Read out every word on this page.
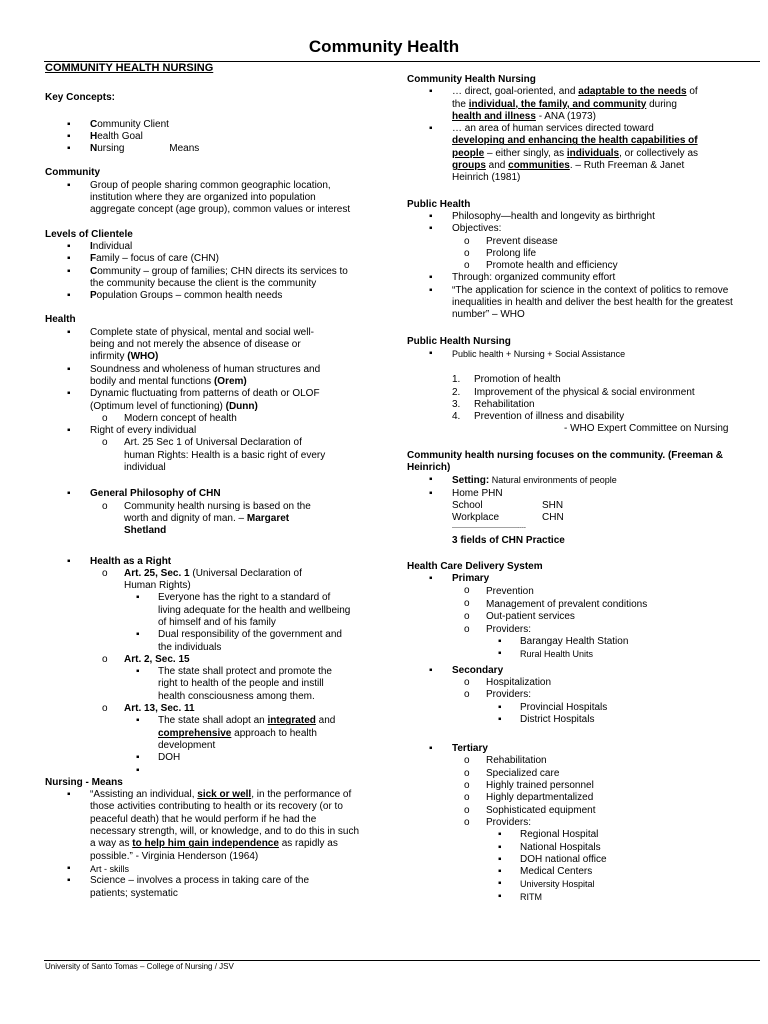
Community Health

COMMUNITY HEALTH NURSING

Key Concepts:

▪ Community Client
▪ Health Goal
▪ Nursing	Means

Community

▪ Group of people sharing common geographic location, institution where they are organized into population aggregate concept (age group), common values or interest

Levels of Clientele

▪ Individual
▪ Family – focus of care (CHN)
▪ Community – group of families; CHN directs its services to the community because the client is the community
▪ Population Groups – common health needs

Health

▪ Complete state of physical, mental and social well- being and not merely the absence of disease or infirmity (WHO)
▪ Soundness and wholeness of human structures and bodily and mental functions (Orem)
▪ Dynamic fluctuating from patterns of death or OLOF (Optimum level of functioning) (Dunn)
o Modern concept of health
▪ Right of every individual
o Art. 25 Sec 1 of Universal Declaration of human Rights: Health is a basic right of every individual
▪ General Philosophy of CHN
o Community health nursing is based on the worth and dignity of man. – Margaret Shetland
▪ Health as a Right
o Art. 25, Sec. 1 (Universal Declaration of Human Rights)
▪ Everyone has the right to a standard of living adequate for the health and wellbeing of himself and of his family
▪ Dual responsibility of the government and the individuals
o Art. 2, Sec. 15
▪ The state shall protect and promote the right to health of the people and instill health consciousness among them.
o Art. 13, Sec. 11
▪ The state shall adopt an integrated and comprehensive approach to health development
▪ DOH
▪

Nursing - Means

▪ “Assisting an individual, sick or well, in the performance of those activities contributing to health or its recovery (or to peaceful death) that he would perform if he had the necessary strength, will, or knowledge, and to do this in such a way as to help him gain independence as rapidly as possible.” - Virginia Henderson (1964)
▪ Art - skills
▪ Science – involves a process in taking care of the patients; systematic

Community Health Nursing

▪ … direct, goal-oriented, and adaptable to the needs of the individual, the family, and community during health and illness - ANA (1973)
▪ … an area of human services directed toward developing and enhancing the health capabilities of people – either singly, as individuals, or collectively as groups and communities. – Ruth Freeman & Janet Heinrich (1981)

Public Health

▪ Philosophy—health and longevity as birthright
▪ Objectives:
o Prevent disease
o Prolong life
o Promote health and efficiency
▪ Through: organized community effort
▪ “The application for science in the context of politics to remove inequalities in health and deliver the best health for the greatest number” – WHO

Public Health Nursing

▪ Public health + Nursing + Social Assistance
1. Promotion of health
2. Improvement of the physical & social environment
3. Rehabilitation
4. Prevention of illness and disability

- WHO Expert Committee on Nursing

Community health nursing focuses on the community. (Freeman & Heinrich)

▪ Setting: Natural environments of people
▪ Home PHN

School	SHN

Workplace	CHN

-------------------------------------

3 fields of CHN Practice

Health Care Delivery System

▪ Primary
o Prevention
o Management of prevalent conditions
o Out-patient services
o Providers:
▪ Barangay Health Station
▪ Rural Health Units
▪ Secondary
o Hospitalization
o Providers:
▪ Provincial Hospitals
▪ District Hospitals
▪ Tertiary
o Rehabilitation
o Specialized care
o Highly trained personnel
o Highly departmentalized
o Sophisticated equipment
o Providers:
▪ Regional Hospital
▪ National Hospitals
▪ DOH national office
▪ Medical Centers
▪ University Hospital
▪ RITM
University of Santo Tomas – College of Nursing / JSV
